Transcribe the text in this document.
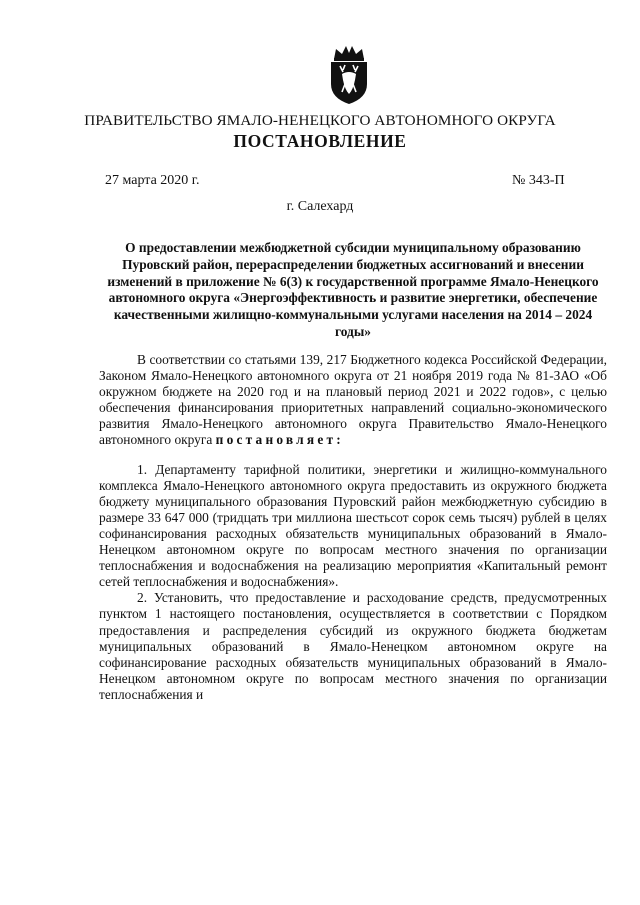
ПРАВИТЕЛЬСТВО ЯМАЛО-НЕНЕЦКОГО АВТОНОМНОГО ОКРУГА
ПОСТАНОВЛЕНИЕ
27 марта 2020 г.	№ 343-П
г. Салехард
О предоставлении межбюджетной субсидии муниципальному образованию Пуровский район, перераспределении бюджетных ассигнований и внесении изменений в приложение № 6(3) к государственной программе Ямало-Ненецкого автономного округа «Энергоэффективность и развитие энергетики, обеспечение качественными жилищно-коммунальными услугами населения на 2014 – 2024 годы»

В соответствии со статьями 139, 217 Бюджетного кодекса Российской Федерации, Законом Ямало-Ненецкого автономного округа от 21 ноября 2019 года № 81-ЗАО «Об окружном бюджете на 2020 год и на плановый период 2021 и 2022 годов», с целью обеспечения финансирования приоритетных направлений социально-экономического развития Ямало-Ненецкого автономного округа Правительство Ямало-Ненецкого автономного округа постановляет:

1. Департаменту тарифной политики, энергетики и жилищно-коммунального комплекса Ямало-Ненецкого автономного округа предоставить из окружного бюджета бюджету муниципального образования Пуровский район межбюджетную субсидию в размере 33 647 000 (тридцать три миллиона шестьсот сорок семь тысяч) рублей в целях софинансирования расходных обязательств муниципальных образований в Ямало-Ненецком автономном округе по вопросам местного значения по организации теплоснабжения и водоснабжения на реализацию мероприятия «Капитальный ремонт сетей теплоснабжения и водоснабжения».

2. Установить, что предоставление и расходование средств, предусмотренных пунктом 1 настоящего постановления, осуществляется в соответствии с Порядком предоставления и распределения субсидий из окружного бюджета бюджетам муниципальных образований в Ямало-Ненецком автономном округе на софинансирование расходных обязательств муниципальных образований в Ямало-Ненецком автономном округе по вопросам местного значения по организации теплоснабжения и
